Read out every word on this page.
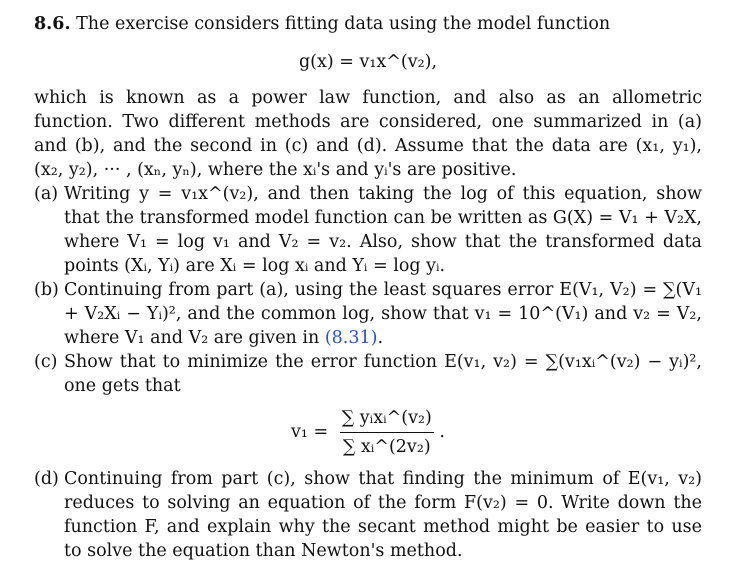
8.6. The exercise considers fitting data using the model function

g(x) = v₁x^(v₂),

which is known as a power law function, and also as an allometric function. Two different methods are considered, one summarized in (a) and (b), and the second in (c) and (d). Assume that the data are (x₁, y₁), (x₂, y₂), ··· , (xₙ, yₙ), where the xᵢ's and yᵢ's are positive.

(a) Writing y = v₁x^(v₂), and then taking the log of this equation, show that the transformed model function can be written as G(X) = V₁ + V₂X, where V₁ = log v₁ and V₂ = v₂. Also, show that the transformed data points (Xᵢ, Yᵢ) are Xᵢ = log xᵢ and Yᵢ = log yᵢ.
(b) Continuing from part (a), using the least squares error E(V₁, V₂) = ∑(V₁ + V₂Xᵢ − Yᵢ)², and the common log, show that v₁ = 10^(V₁) and v₂ = V₂, where V₁ and V₂ are given in (8.31).
(c) Show that to minimize the error function E(v₁, v₂) = ∑(v₁xᵢ^(v₂) − yᵢ)², one gets that
$v_1 = \frac{\text{∑ yᵢxᵢ\textasciicircum{}(v₂)}}{\text{∑ xᵢ\textasciicircum{}(2v₂)}}$ .
(d) Continuing from part (c), show that finding the minimum of E(v₁, v₂) reduces to solving an equation of the form F(v₂) = 0. Write down the function F, and explain why the secant method might be easier to use to solve the equation than Newton's method.
